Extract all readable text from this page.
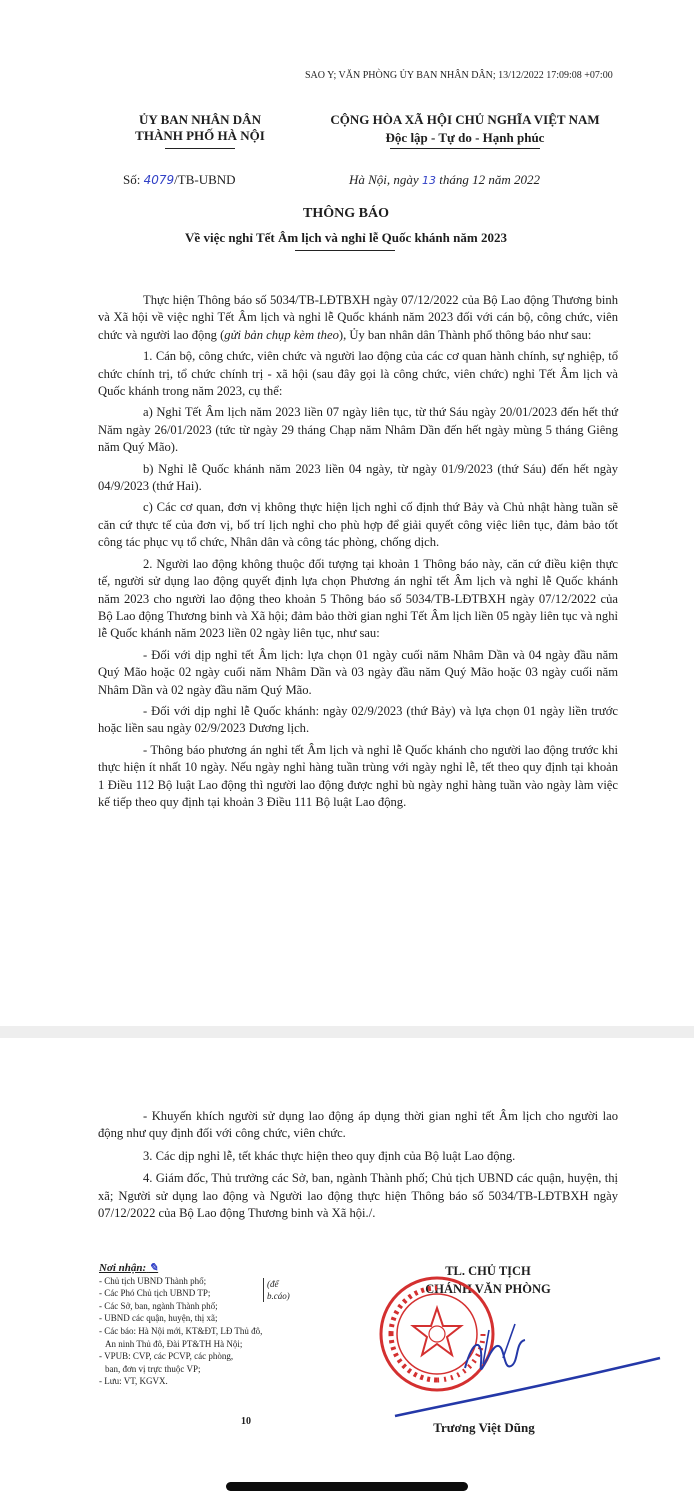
SAO Y; VĂN PHÒNG ỦY BAN NHÂN DÂN; 13/12/2022 17:09:08 +07:00
ỦY BAN NHÂN DÂN
THÀNH PHỐ HÀ NỘI
CỘNG HÒA XÃ HỘI CHỦ NGHĨA VIỆT NAM
Độc lập - Tự do - Hạnh phúc
Số: 4079/TB-UBND	Hà Nội, ngày 13 tháng 12 năm 2022
THÔNG BÁO
Về việc nghỉ Tết Âm lịch và nghỉ lễ Quốc khánh năm 2023

Thực hiện Thông báo số 5034/TB-LĐTBXH ngày 07/12/2022 của Bộ Lao động Thương binh và Xã hội về việc nghỉ Tết Âm lịch và nghỉ lễ Quốc khánh năm 2023 đối với cán bộ, công chức, viên chức và người lao động (gửi bản chụp kèm theo), Ủy ban nhân dân Thành phố thông báo như sau:

1. Cán bộ, công chức, viên chức và người lao động của các cơ quan hành chính, sự nghiệp, tổ chức chính trị, tổ chức chính trị - xã hội (sau đây gọi là công chức, viên chức) nghỉ Tết Âm lịch và Quốc khánh trong năm 2023, cụ thể:

a) Nghỉ Tết Âm lịch năm 2023 liền 07 ngày liên tục, từ thứ Sáu ngày 20/01/2023 đến hết thứ Năm ngày 26/01/2023 (tức từ ngày 29 tháng Chạp năm Nhâm Dần đến hết ngày mùng 5 tháng Giêng năm Quý Mão).

b) Nghỉ lễ Quốc khánh năm 2023 liền 04 ngày, từ ngày 01/9/2023 (thứ Sáu) đến hết ngày 04/9/2023 (thứ Hai).

c) Các cơ quan, đơn vị không thực hiện lịch nghỉ cố định thứ Bảy và Chủ nhật hàng tuần sẽ căn cứ thực tế của đơn vị, bố trí lịch nghỉ cho phù hợp để giải quyết công việc liên tục, đảm bảo tốt công tác phục vụ tổ chức, Nhân dân và công tác phòng, chống dịch.

2. Người lao động không thuộc đối tượng tại khoản 1 Thông báo này, căn cứ điều kiện thực tế, người sử dụng lao động quyết định lựa chọn Phương án nghỉ tết Âm lịch và nghỉ lễ Quốc khánh năm 2023 cho người lao động theo khoản 5 Thông báo số 5034/TB-LĐTBXH ngày 07/12/2022 của Bộ Lao động Thương binh và Xã hội; đảm bảo thời gian nghỉ Tết Âm lịch liền 05 ngày liên tục và nghỉ lễ Quốc khánh năm 2023 liền 02 ngày liên tục, như sau:

- Đối với dịp nghỉ tết Âm lịch: lựa chọn 01 ngày cuối năm Nhâm Dần và 04 ngày đầu năm Quý Mão hoặc 02 ngày cuối năm Nhâm Dần và 03 ngày đầu năm Quý Mão hoặc 03 ngày cuối năm Nhâm Dần và 02 ngày đầu năm Quý Mão.

- Đối với dịp nghỉ lễ Quốc khánh: ngày 02/9/2023 (thứ Bảy) và lựa chọn 01 ngày liền trước hoặc liền sau ngày 02/9/2023 Dương lịch.

- Thông báo phương án nghỉ tết Âm lịch và nghỉ lễ Quốc khánh cho người lao động trước khi thực hiện ít nhất 10 ngày. Nếu ngày nghỉ hàng tuần trùng với ngày nghỉ lễ, tết theo quy định tại khoản 1 Điều 112 Bộ luật Lao động thì người lao động được nghỉ bù ngày nghỉ hàng tuần vào ngày làm việc kế tiếp theo quy định tại khoản 3 Điều 111 Bộ luật Lao động.

- Khuyến khích người sử dụng lao động áp dụng thời gian nghỉ tết Âm lịch cho người lao động như quy định đối với công chức, viên chức.

3. Các dịp nghỉ lễ, tết khác thực hiện theo quy định của Bộ luật Lao động.

4. Giám đốc, Thủ trưởng các Sở, ban, ngành Thành phố; Chủ tịch UBND các quận, huyện, thị xã; Người sử dụng lao động và Người lao động thực hiện Thông báo số 5034/TB-LĐTBXH ngày 07/12/2022 của Bộ Lao động Thương binh và Xã hội./.

Nơi nhận: ✎
- Chủ tịch UBND Thành phố;
- Các Phó Chủ tịch UBND TP;
- Các Sở, ban, ngành Thành phố;
- UBND các quận, huyện, thị xã;
- Các báo: Hà Nội mới, KT&ĐT, LĐ Thủ đô,
An ninh Thủ đô, Đài PT&TH Hà Nội;
- VPUB: CVP, các PCVP, các phòng,
ban, đơn vị trực thuộc VP;
- Lưu: VT, KGVX.
(để
b.cáo)
10
TL. CHỦ TỊCH
CHÁNH VĂN PHÒNG
Trương Việt Dũng
